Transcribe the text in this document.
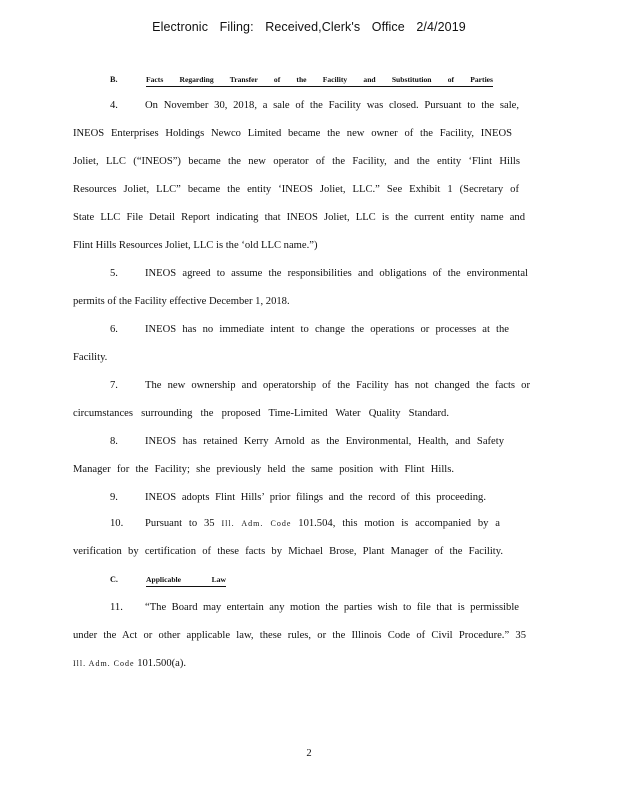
Electronic Filing: Received,Clerk's Office 2/4/2019
B.	Facts Regarding Transfer of the Facility and Substitution of Parties
4.	On November 30, 2018, a sale of the Facility was closed. Pursuant to the sale,
INEOS Enterprises Holdings Newco Limited became the new owner of the Facility, INEOS
Joliet, LLC (“INEOS”) became the new operator of the Facility, and the entity ‘Flint Hills
Resources Joliet, LLC” became the entity ‘INEOS Joliet, LLC.” See Exhibit 1 (Secretary of
State LLC File Detail Report indicating that INEOS Joliet, LLC is the current entity name and
Flint Hills Resources Joliet, LLC is the ‘old LLC name.”)
5.	INEOS agreed to assume the responsibilities and obligations of the environmental
permits of the Facility effective December 1, 2018.
6.	INEOS has no immediate intent to change the operations or processes at the
Facility.
7.	The new ownership and operatorship of the Facility has not changed the facts or
circumstances surrounding the proposed Time-Limited Water Quality Standard.
8.	INEOS has retained Kerry Arnold as the Environmental, Health, and Safety
Manager for the Facility; she previously held the same position with Flint Hills.
9.	INEOS adopts Flint Hills’ prior filings and the record of this proceeding.
10. Pursuant to 35 Ill. Adm. Code 101.504, this motion is accompanied by a
verification by certification of these facts by Michael Brose, Plant Manager of the Facility.
C.	Applicable Law
11. “The Board may entertain any motion the parties wish to file that is permissible
under the Act or other applicable law, these rules, or the Illinois Code of Civil Procedure.” 35
Ill. Adm. Code 101.500(a).
2
